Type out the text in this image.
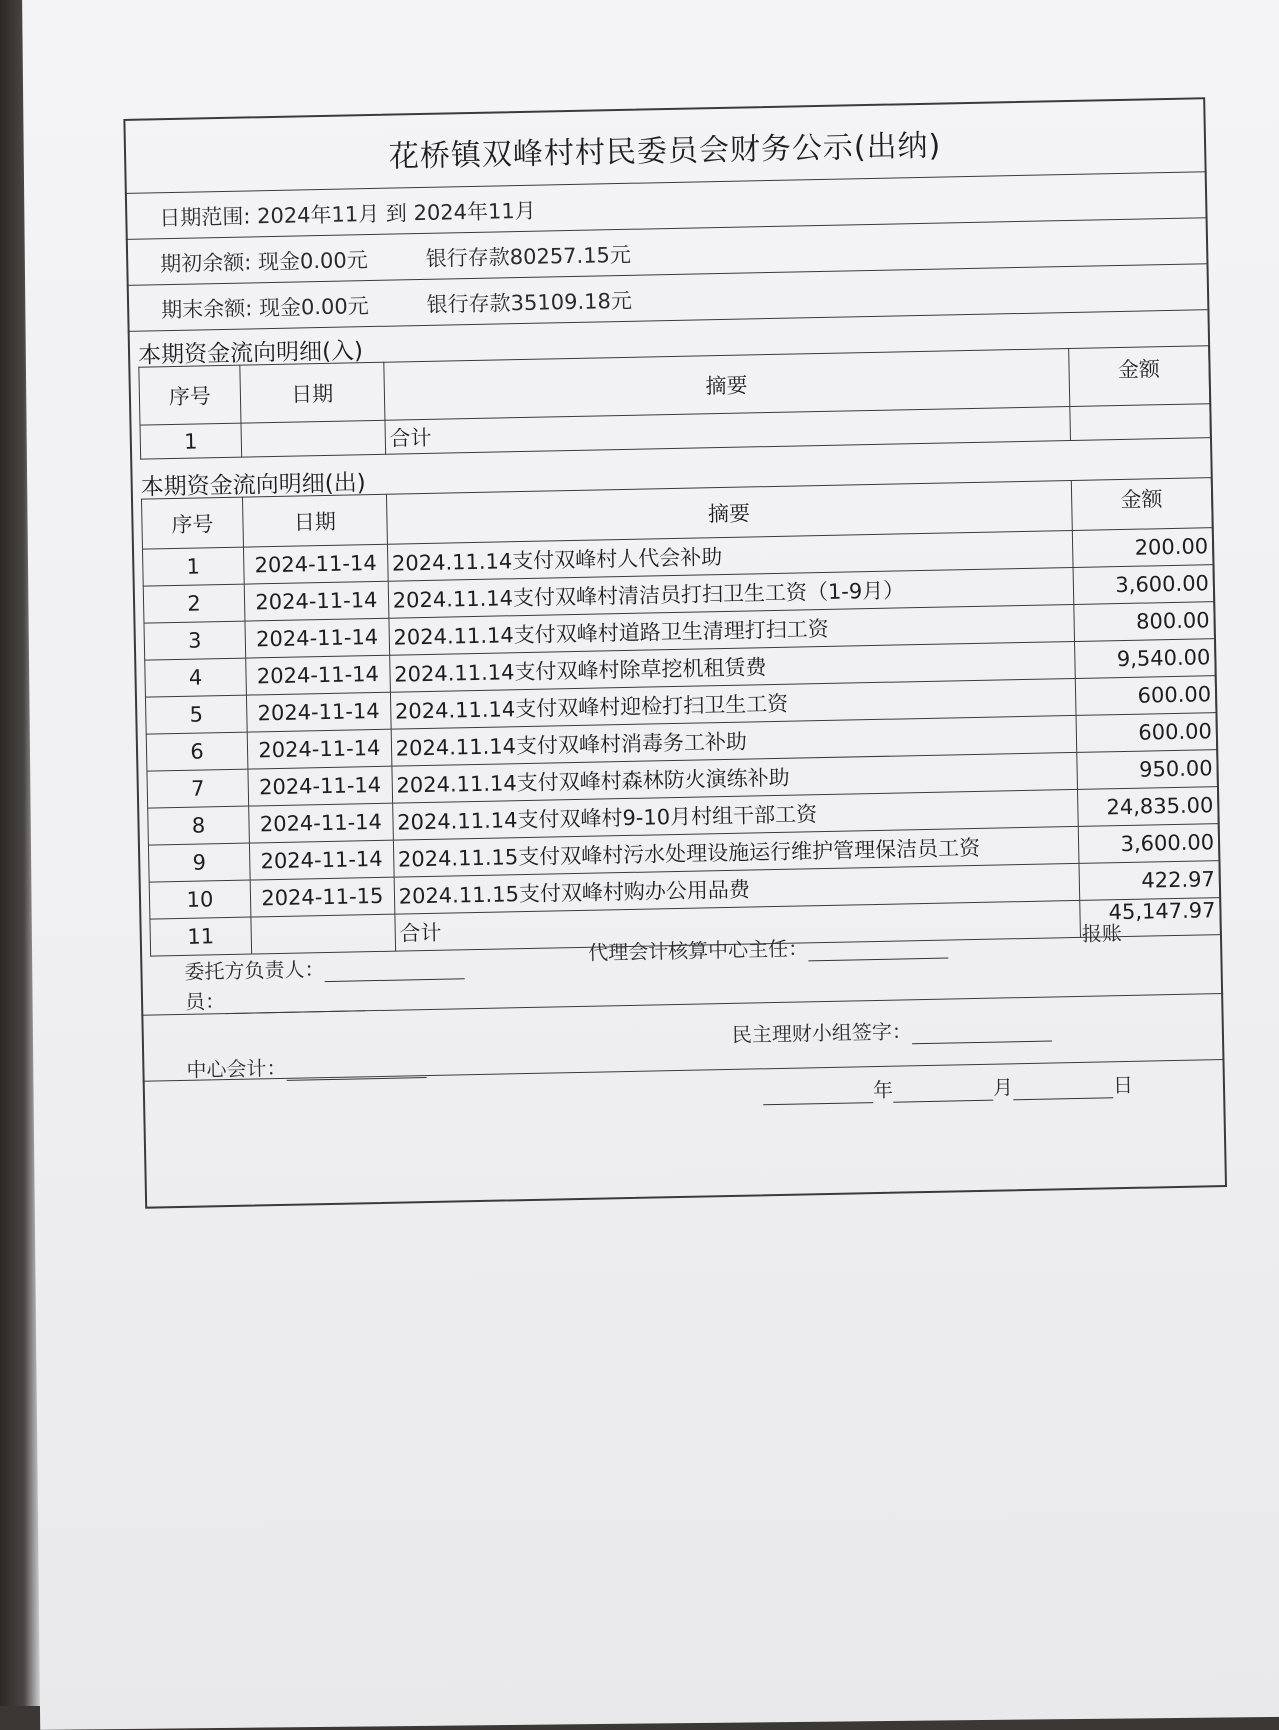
花桥镇双峰村村民委员会财务公示(出纳)
日期范围: 2024年11月 到 2024年11月
期初余额: 现金0.00元	银行存款80257.15元
期末余额: 现金0.00元	银行存款35109.18元
本期资金流向明细(入)
序号	日期	摘要	金额
1		合计	
本期资金流向明细(出)
序号	日期	摘要	金额
1	2024-11-14	2024.11.14支付双峰村人代会补助	200.00
2	2024-11-14	2024.11.14支付双峰村清洁员打扫卫生工资（1-9月）	3,600.00
3	2024-11-14	2024.11.14支付双峰村道路卫生清理打扫工资	800.00
4	2024-11-14	2024.11.14支付双峰村除草挖机租赁费	9,540.00
5	2024-11-14	2024.11.14支付双峰村迎检打扫卫生工资	600.00
6	2024-11-14	2024.11.14支付双峰村消毒务工补助	600.00
7	2024-11-14	2024.11.14支付双峰村森林防火演练补助	950.00
8	2024-11-14	2024.11.14支付双峰村9-10月村组干部工资	24,835.00
9	2024-11-14	2024.11.15支付双峰村污水处理设施运行维护管理保洁员工资	3,600.00
10	2024-11-15	2024.11.15支付双峰村购办公用品费	422.97
11		合计	45,147.97
代理会计核算中心主任：
报账
委托方负责人：
员：
民主理财小组签字：
中心会计：
年	月	日
